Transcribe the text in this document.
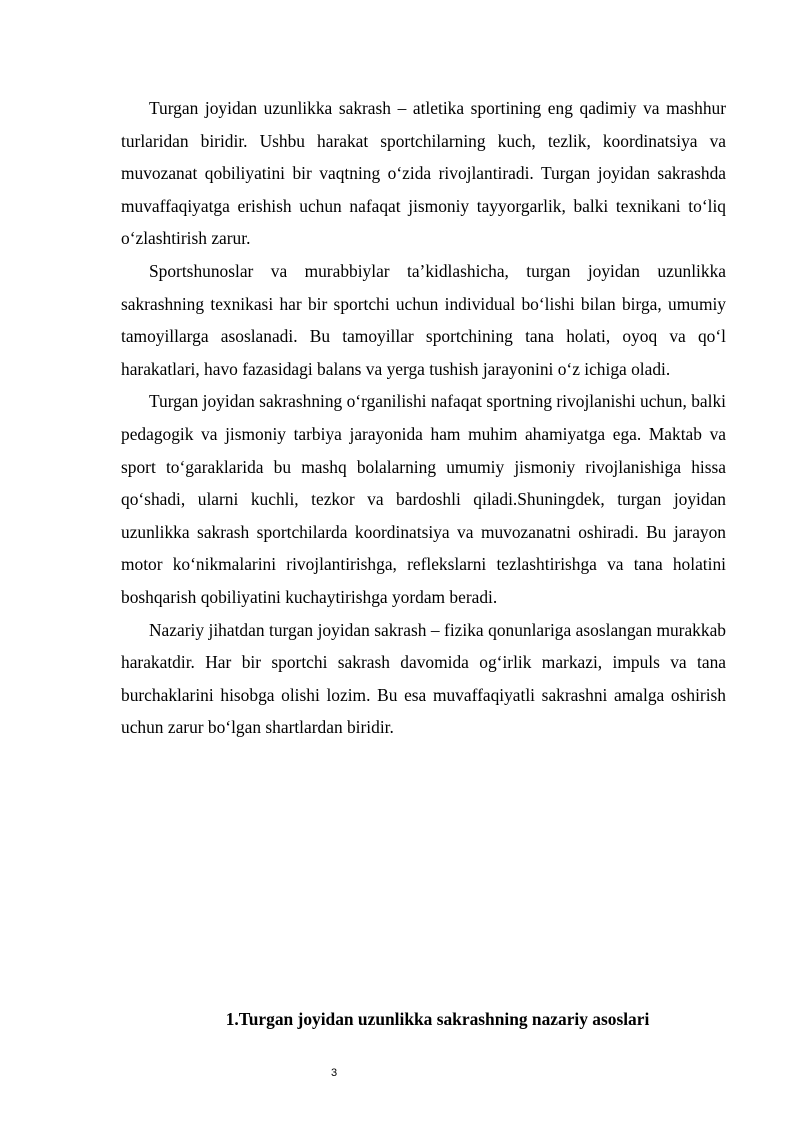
Turgan joyidan uzunlikka sakrash – atletika sportining eng qadimiy va mashhur turlaridan biridir. Ushbu harakat sportchilarning kuch, tezlik, koordinatsiya va muvozanat qobiliyatini bir vaqtning o‘zida rivojlantiradi. Turgan joyidan sakrashda muvaffaqiyatga erishish uchun nafaqat jismoniy tayyorgarlik, balki texnikani to‘liq o‘zlashtirish zarur.

Sportshunoslar va murabbiylar ta’kidlashicha, turgan joyidan uzunlikka sakrashning texnikasi har bir sportchi uchun individual bo‘lishi bilan birga, umumiy tamoyillarga asoslanadi. Bu tamoyillar sportchining tana holati, oyoq va qo‘l harakatlari, havo fazasidagi balans va yerga tushish jarayonini o‘z ichiga oladi.

Turgan joyidan sakrashning o‘rganilishi nafaqat sportning rivojlanishi uchun, balki pedagogik va jismoniy tarbiya jarayonida ham muhim ahamiyatga ega. Maktab va sport to‘garaklarida bu mashq bolalarning umumiy jismoniy rivojlanishiga hissa qo‘shadi, ularni kuchli, tezkor va bardoshli qiladi.Shuningdek, turgan joyidan uzunlikka sakrash sportchilarda koordinatsiya va muvozanatni oshiradi. Bu jarayon motor ko‘nikmalarini rivojlantirishga, reflekslarni tezlashtirishga va tana holatini boshqarish qobiliyatini kuchaytirishga yordam beradi.

Nazariy jihatdan turgan joyidan sakrash – fizika qonunlariga asoslangan murakkab harakatdir. Har bir sportchi sakrash davomida og‘irlik markazi, impuls va tana burchaklarini hisobga olishi lozim. Bu esa muvaffaqiyatli sakrashni amalga oshirish uchun zarur bo‘lgan shartlardan biridir.

1.Turgan joyidan uzunlikka sakrashning nazariy asoslari
3
